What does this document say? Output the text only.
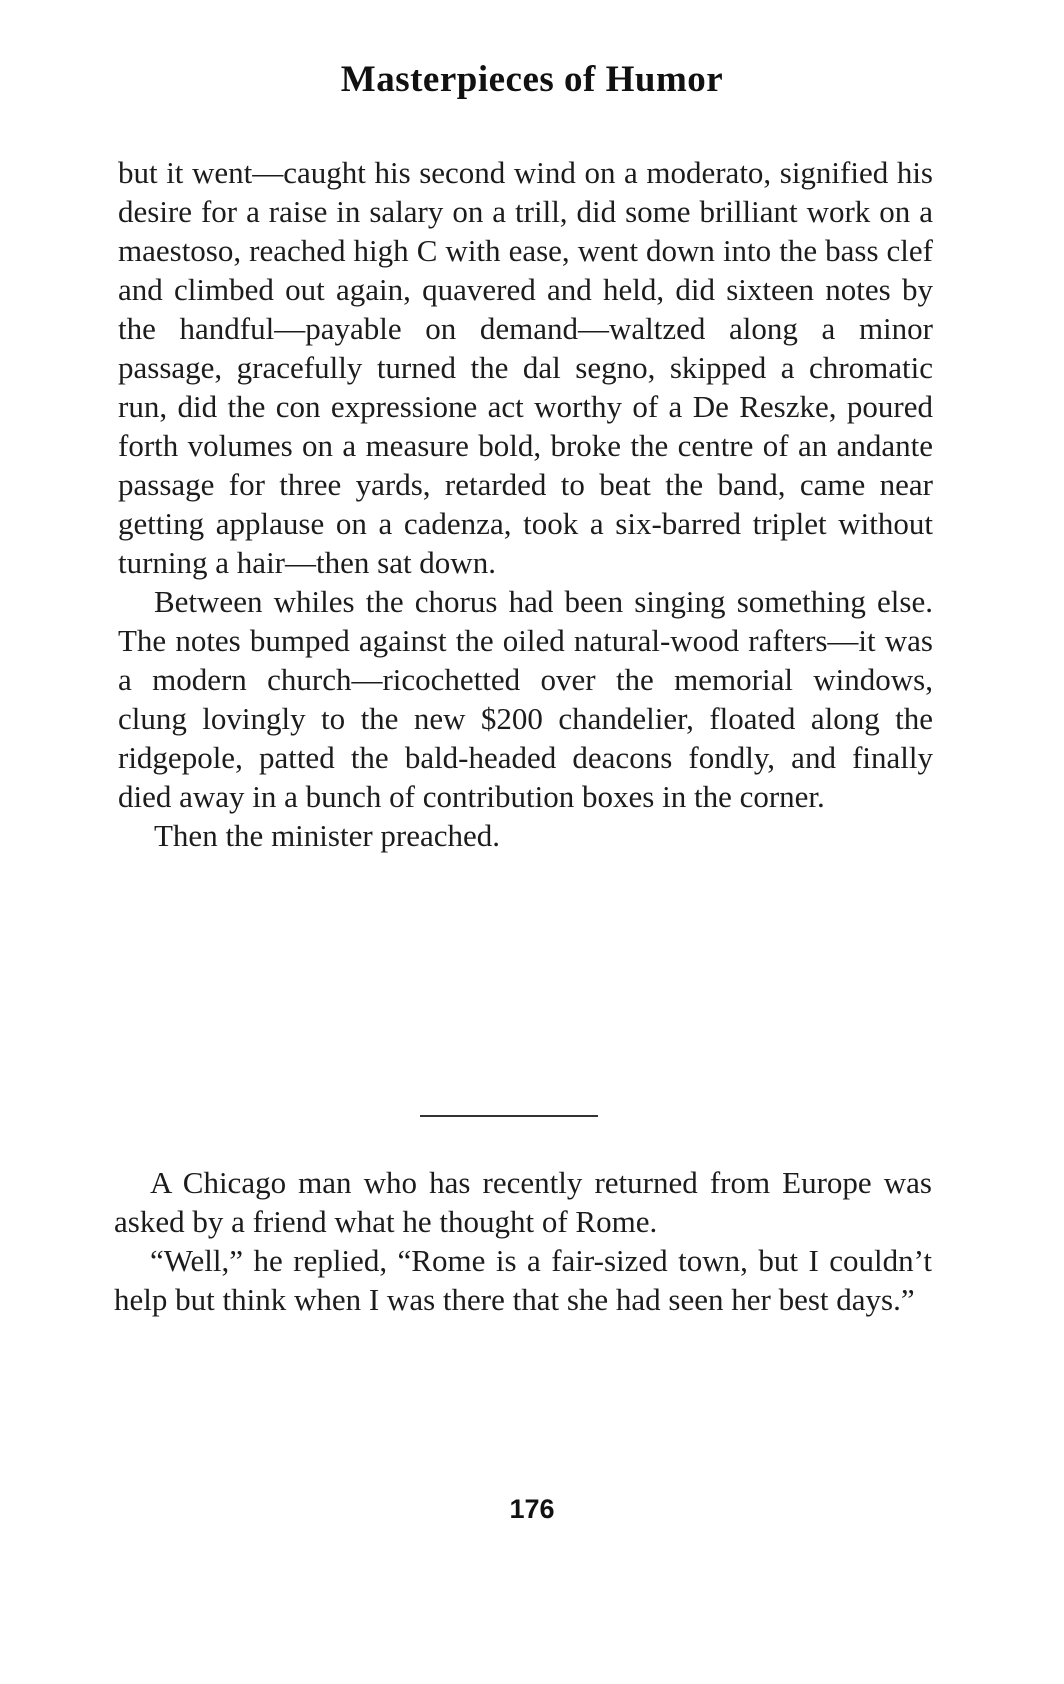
Masterpieces of Humor

but it went—caught his second wind on a moderato, signified his desire for a raise in salary on a trill, did some brilliant work on a maestoso, reached high C with ease, went down into the bass clef and climbed out again, quavered and held, did sixteen notes by the handful—payable on demand—waltzed along a minor passage, gracefully turned the dal segno, skipped a chromatic run, did the con expressione act worthy of a De Reszke, poured forth volumes on a measure bold, broke the centre of an andante passage for three yards, retarded to beat the band, came near getting applause on a cadenza, took a six-barred triplet without turning a hair—then sat down.

Between whiles the chorus had been singing something else. The notes bumped against the oiled natural-wood rafters—it was a modern church—ricochetted over the memorial windows, clung lovingly to the new $200 chandelier, floated along the ridgepole, patted the bald-headed deacons fondly, and finally died away in a bunch of contribution boxes in the corner.

Then the minister preached.

A Chicago man who has recently returned from Europe was asked by a friend what he thought of Rome.

“Well,” he replied, “Rome is a fair-sized town, but I couldn’t help but think when I was there that she had seen her best days.”

176
